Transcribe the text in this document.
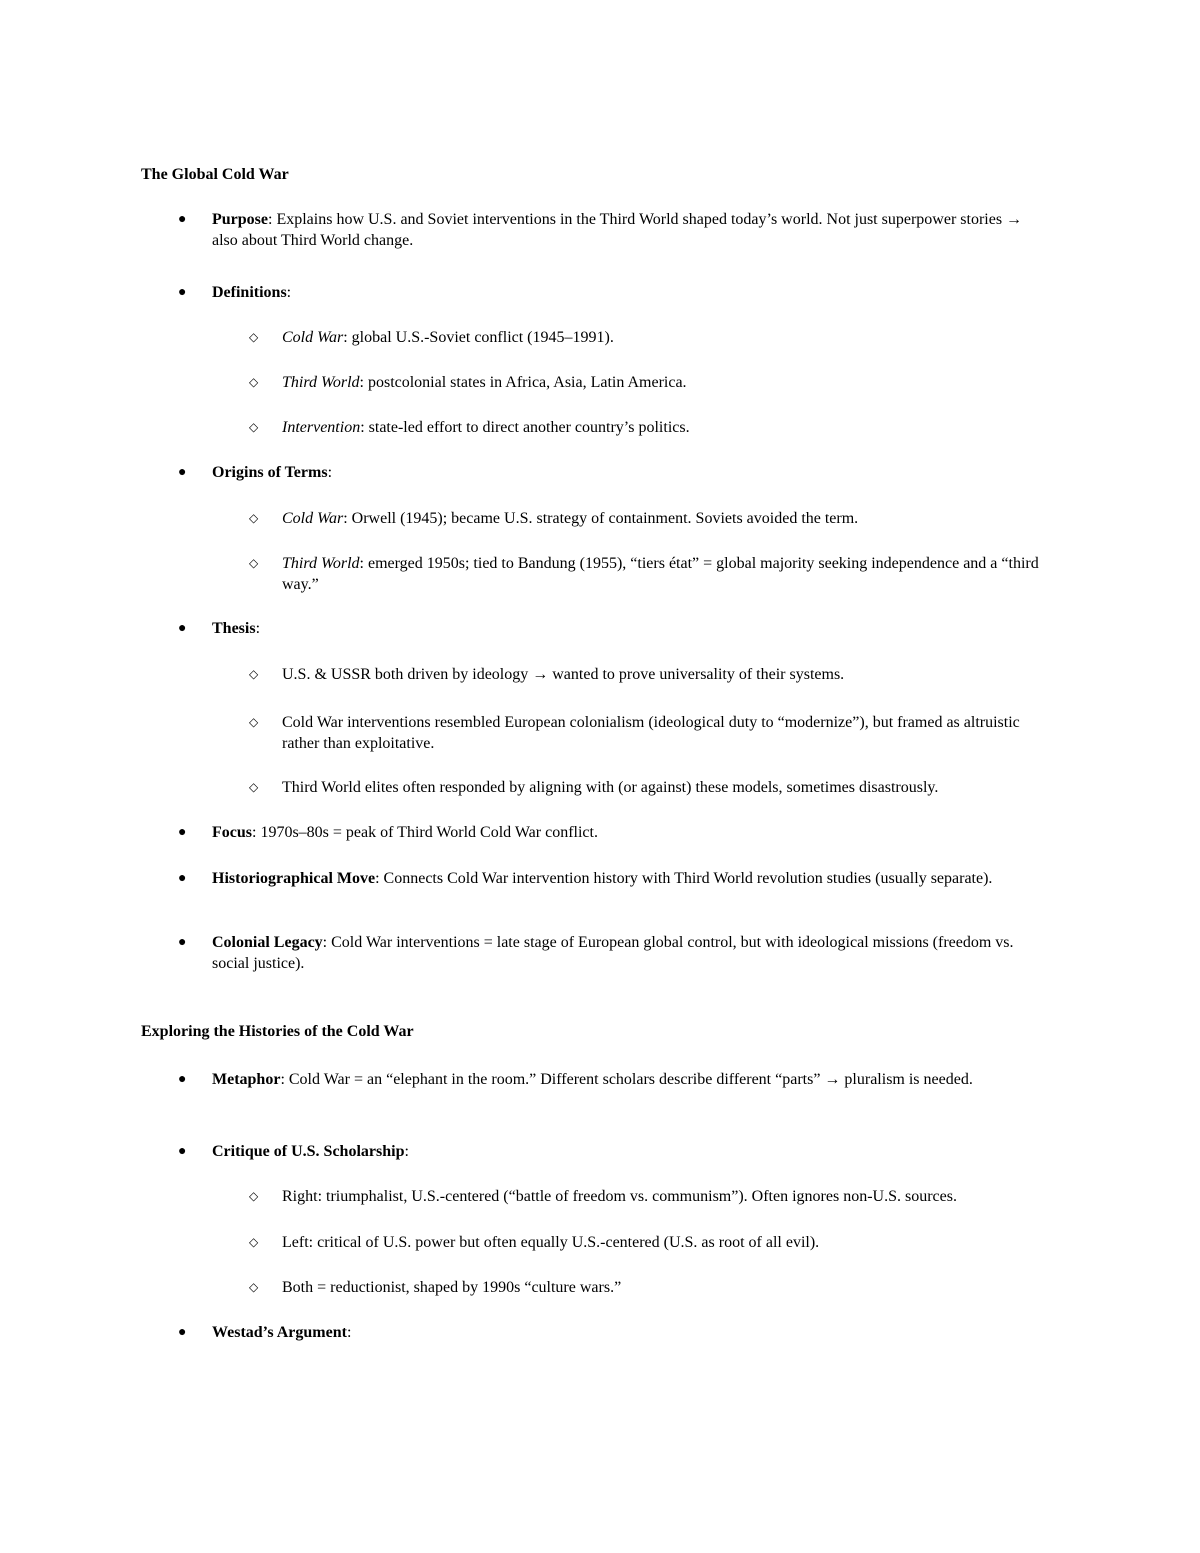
The Global Cold War
● Purpose: Explains how U.S. and Soviet interventions in the Third World shaped today’s world. Not just superpower stories → also about Third World change.
● Definitions:
◇ Cold War: global U.S.-Soviet conflict (1945–1991).
◇ Third World: postcolonial states in Africa, Asia, Latin America.
◇ Intervention: state-led effort to direct another country’s politics.
● Origins of Terms:
◇ Cold War: Orwell (1945); became U.S. strategy of containment. Soviets avoided the term.
◇ Third World: emerged 1950s; tied to Bandung (1955), “tiers état” = global majority seeking independence and a “third way.”
● Thesis:
◇ U.S. & USSR both driven by ideology → wanted to prove universality of their systems.
◇ Cold War interventions resembled European colonialism (ideological duty to “modernize”), but framed as altruistic rather than exploitative.
◇ Third World elites often responded by aligning with (or against) these models, sometimes disastrously.
● Focus: 1970s–80s = peak of Third World Cold War conflict.
● Historiographical Move: Connects Cold War intervention history with Third World revolution studies (usually separate).
● Colonial Legacy: Cold War interventions = late stage of European global control, but with ideological missions (freedom vs. social justice).
Exploring the Histories of the Cold War
● Metaphor: Cold War = an “elephant in the room.” Different scholars describe different “parts” → pluralism is needed.
● Critique of U.S. Scholarship:
◇ Right: triumphalist, U.S.-centered (“battle of freedom vs. communism”). Often ignores non-U.S. sources.
◇ Left: critical of U.S. power but often equally U.S.-centered (U.S. as root of all evil).
◇ Both = reductionist, shaped by 1990s “culture wars.”
● Westad’s Argument:
